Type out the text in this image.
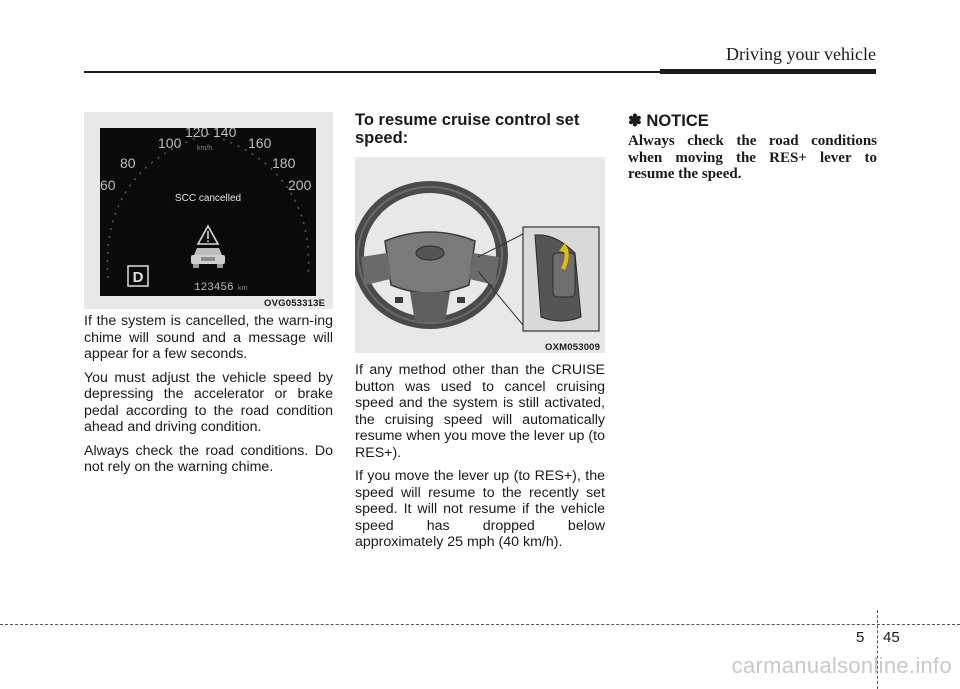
Driving your vehicle
100
120 140
160
80	180
60	200
km/h
SCC cancelled
D
123456 km
OVG053313E

If the system is cancelled, the warn-ing chime will sound and a message will appear for a few seconds.

You must adjust the vehicle speed by depressing the accelerator or brake pedal according to the road condition ahead and driving condition.

Always check the road conditions. Do not rely on the warning chime.

To resume cruise control set speed:
OXM053009

If any method other than the CRUISE button was used to cancel cruising speed and the system is still activated, the cruising speed will automatically resume when you move the lever up (to RES+).

If you move the lever up (to RES+), the speed will resume to the recently set speed. It will not resume if the vehicle speed has dropped below approximately 25 mph (40 km/h).

✽ NOTICE
Always check the road conditions when moving the RES+ lever to resume the speed.
5 45
carmanualsonline.info
